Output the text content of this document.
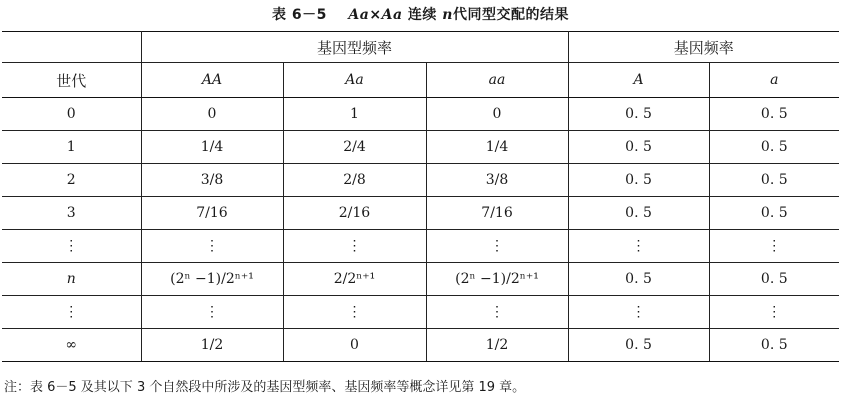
表 6－5 Aa×Aa 连续 n代同型交配的结果
	基因型频率			基因频率	
世代	AA	Aa	aa	A	a
0	0	1	0	0. 5	0. 5
1	1/4	2/4	1/4	0. 5	0. 5
2	3/8	2/8	3/8	0. 5	0. 5
3	7/16	2/16	7/16	0. 5	0. 5
⋮	⋮	⋮	⋮	⋮	⋮
n	(2ⁿ −1)/2ⁿ⁺¹	2/2ⁿ⁺¹	(2ⁿ −1)/2ⁿ⁺¹	0. 5	0. 5
⋮	⋮	⋮	⋮	⋮	⋮
∞	1/2	0	1/2	0. 5	0. 5
注：表 6－5 及其以下 3 个自然段中所涉及的基因型频率、基因频率等概念详见第 19 章。
